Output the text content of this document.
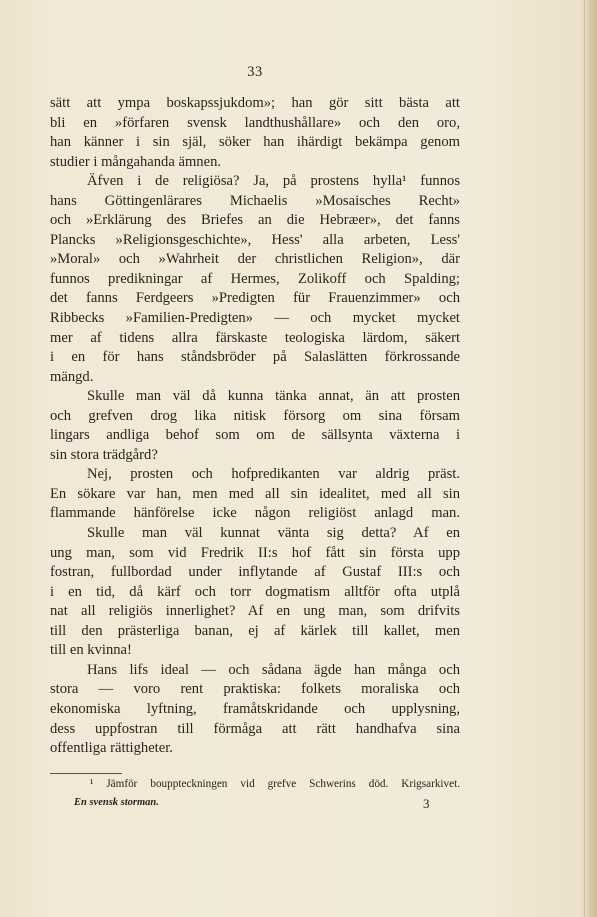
33
sätt att ympa boskapssjukdom»; han gör sitt bästa att
bli en »förfaren svensk landthushållare» och den oro,
han känner i sin själ, söker han ihärdigt bekämpa genom
studier i mångahanda ämnen.
Äfven i de religiösa? Ja, på prostens hylla¹ funnos
hans Göttingenlärares Michaelis »Mosaisches Recht»
och »Erklärung des Briefes an die Hebræer», det fanns
Plancks »Religionsgeschichte», Hess' alla arbeten, Less'
»Moral» och »Wahrheit der christlichen Religion», där
funnos predikningar af Hermes, Zolikoff och Spalding;
det fanns Ferdgeers »Predigten für Frauenzimmer» och
Ribbecks »Familien-Predigten» — och mycket mycket
mer af tidens allra färskaste teologiska lärdom, säkert
i en för hans ståndsbröder på Salaslätten förkrossande
mängd.
Skulle man väl då kunna tänka annat, än att prosten
och grefven drog lika nitisk försorg om sina försam
lingars andliga behof som om de sällsynta växterna i
sin stora trädgård?
Nej, prosten och hofpredikanten var aldrig präst.
En sökare var han, men med all sin idealitet, med all sin
flammande hänförelse icke någon religiöst anlagd man.
Skulle man väl kunnat vänta sig detta? Af en
ung man, som vid Fredrik II:s hof fått sin första upp
fostran, fullbordad under inflytande af Gustaf III:s och
i en tid, då kärf och torr dogmatism alltför ofta utplå
nat all religiös innerlighet? Af en ung man, som drifvits
till den prästerliga banan, ej af kärlek till kallet, men
till en kvinna!
Hans lifs ideal — och sådana ägde han många och
stora — voro rent praktiska: folkets moraliska och
ekonomiska lyftning, framåtskridande och upplysning,
dess uppfostran till förmåga att rätt handhafva sina
offentliga rättigheter.
¹ Jämför bouppteckningen vid grefve Schwerins död. Krigsarkivet.
En svensk storman.	3
